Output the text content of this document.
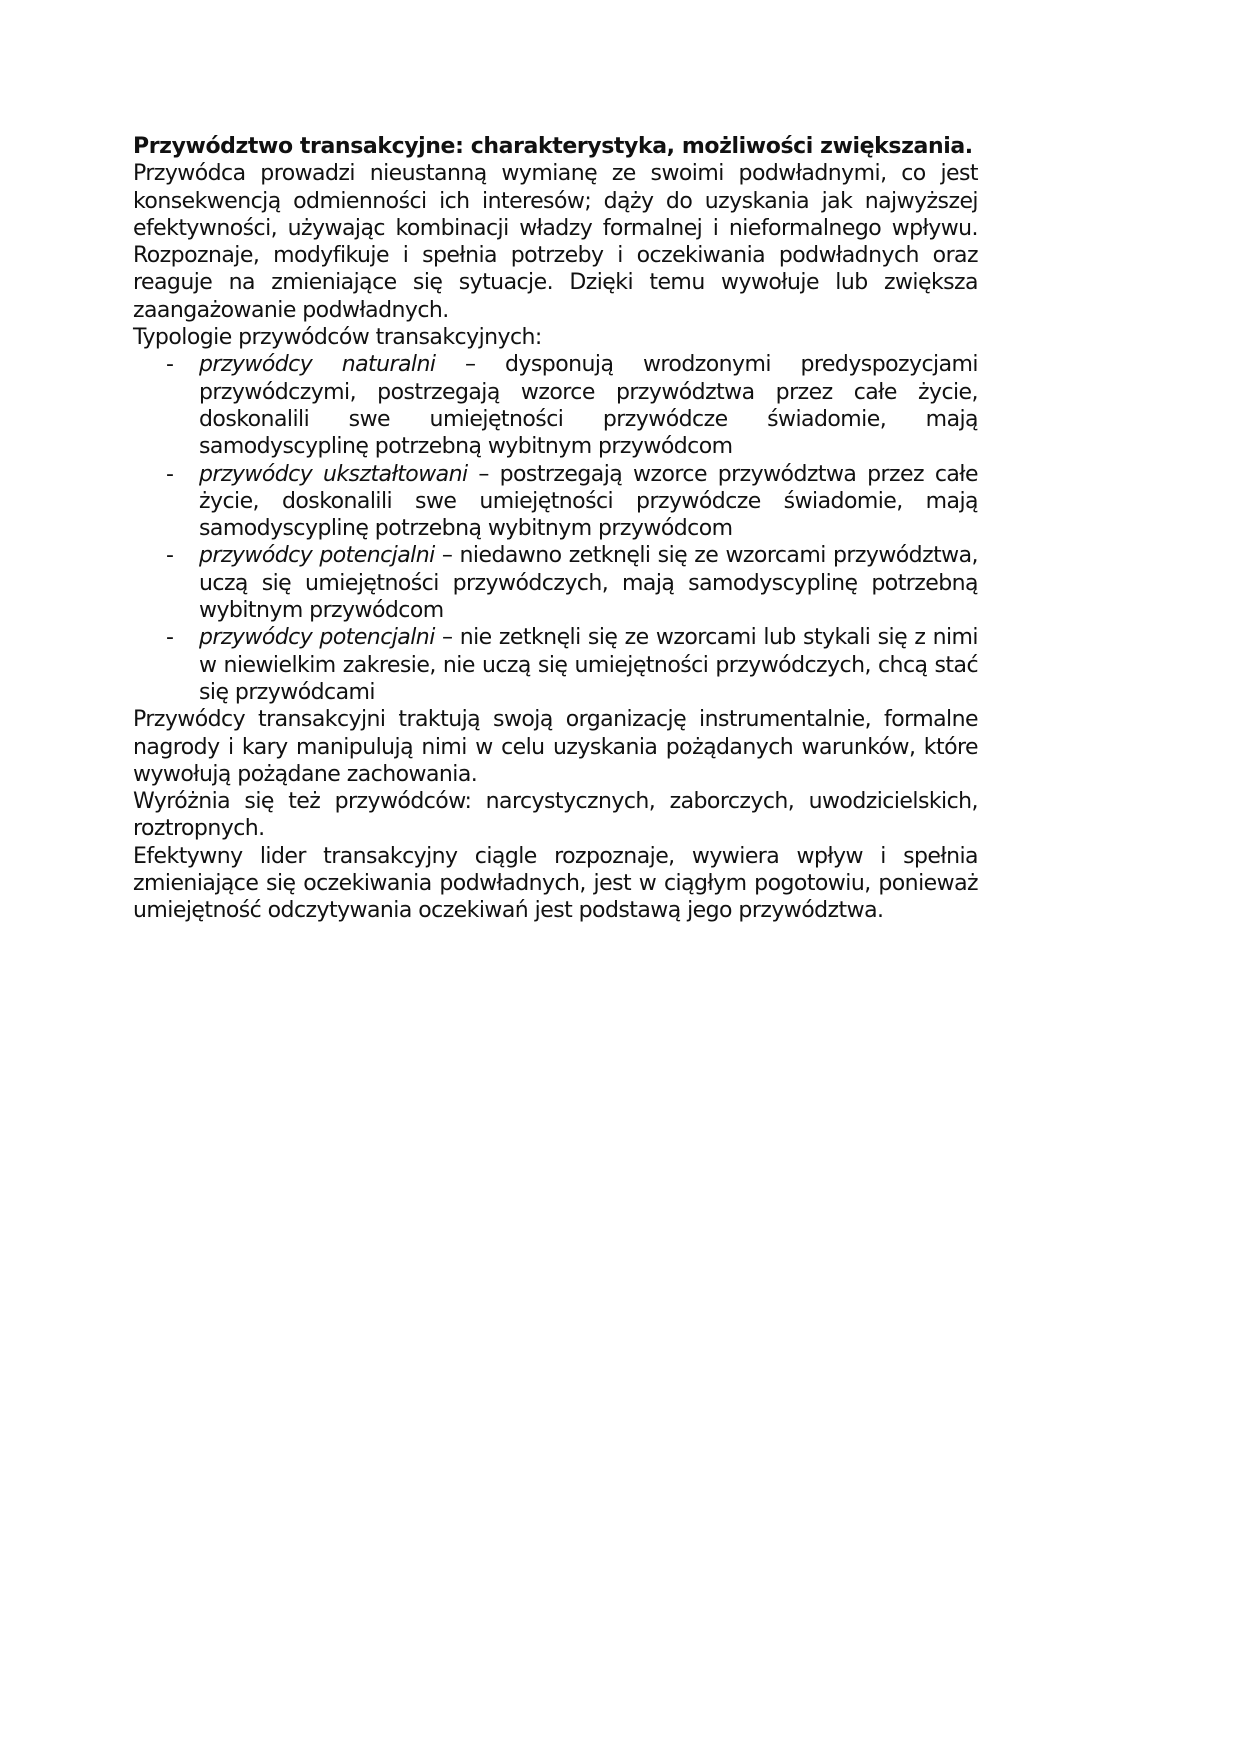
Przywództwo transakcyjne: charakterystyka, możliwości zwiększania.

Przywódca prowadzi nieustanną wymianę ze swoimi podwładnymi, co jest konsekwencją odmienności ich interesów; dąży do uzyskania jak najwyższej efektywności, używając kombinacji władzy formalnej i nieformalnego wpływu. Rozpoznaje, modyfikuje i spełnia potrzeby i oczekiwania podwładnych oraz reaguje na zmieniające się sytuacje. Dzięki temu wywołuje lub zwiększa zaangażowanie podwładnych.

Typologie przywódców transakcyjnych:

- przywódcy naturalni – dysponują wrodzonymi predyspozycjami przywódczymi, postrzegają wzorce przywództwa przez całe życie, doskonalili swe umiejętności przywódcze świadomie, mają samodyscyplinę potrzebną wybitnym przywódcom
- przywódcy ukształtowani – postrzegają wzorce przywództwa przez całe życie, doskonalili swe umiejętności przywódcze świadomie, mają samodyscyplinę potrzebną wybitnym przywódcom
- przywódcy potencjalni – niedawno zetknęli się ze wzorcami przywództwa, uczą się umiejętności przywódczych, mają samodyscyplinę potrzebną wybitnym przywódcom
- przywódcy potencjalni – nie zetknęli się ze wzorcami lub stykali się z nimi w niewielkim zakresie, nie uczą się umiejętności przywódczych, chcą stać się przywódcami

Przywódcy transakcyjni traktują swoją organizację instrumentalnie, formalne nagrody i kary manipulują nimi w celu uzyskania pożądanych warunków, które wywołują pożądane zachowania.

Wyróżnia się też przywódców: narcystycznych, zaborczych, uwodzicielskich, roztropnych.

Efektywny lider transakcyjny ciągle rozpoznaje, wywiera wpływ i spełnia zmieniające się oczekiwania podwładnych, jest w ciągłym pogotowiu, ponieważ umiejętność odczytywania oczekiwań jest podstawą jego przywództwa.
